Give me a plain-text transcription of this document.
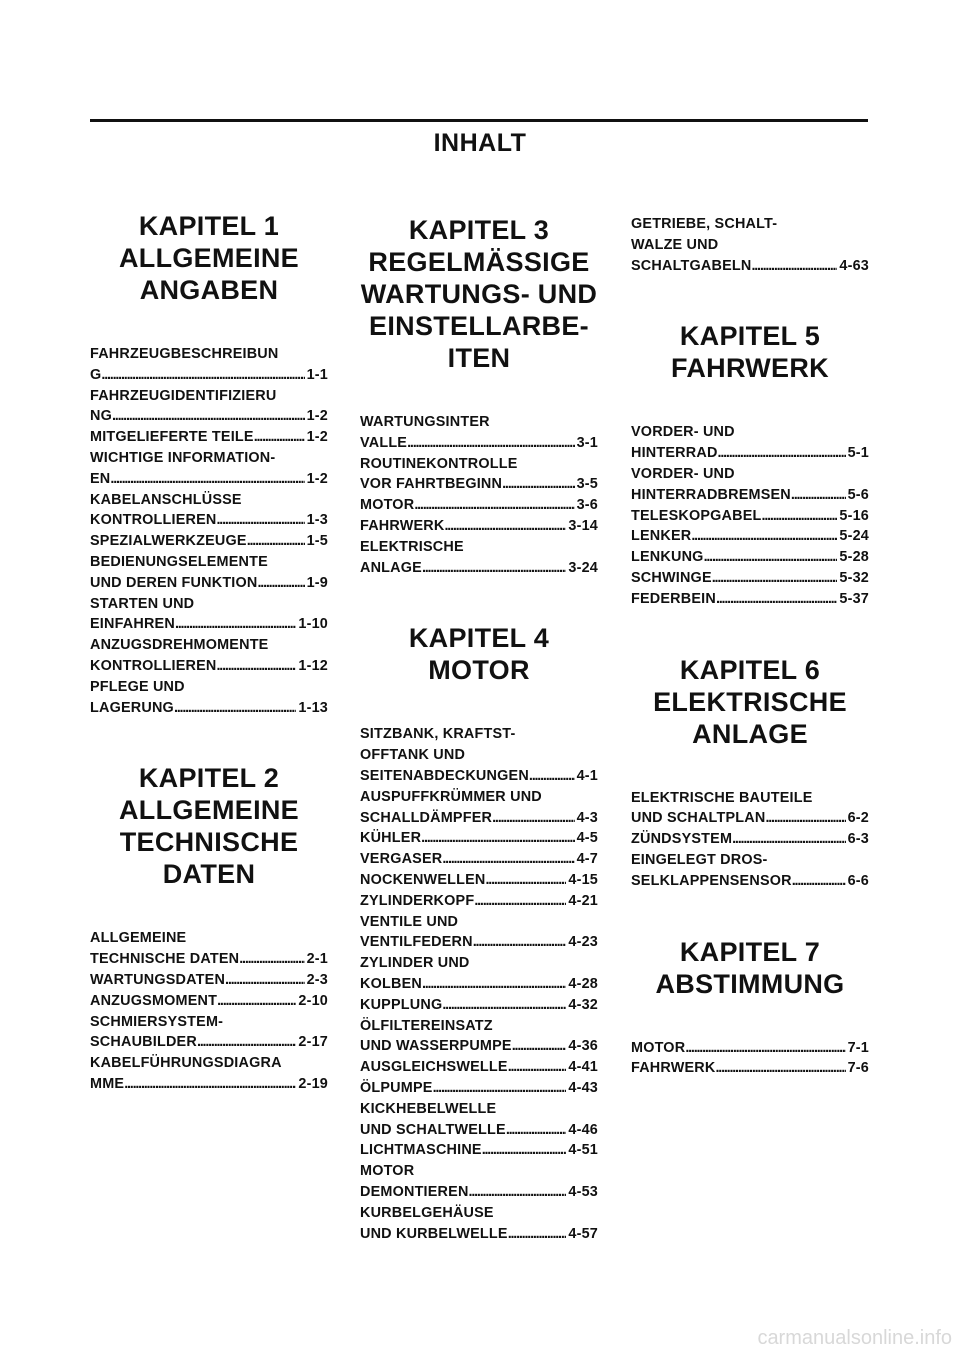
INHALT
KAPITEL 1
ALLGEMEINE
ANGABEN
FAHRZEUGBESCHREIBUN
G . . .	1-1
FAHRZEUGIDENTIFIZIERU
NG . . .	1-2
MITGELIEFERTE TEILE . . .	1-2
WICHTIGE INFORMATION-
EN . . .	1-2
KABELANSCHLÜSSE
KONTROLLIEREN . . .	1-3
SPEZIALWERKZEUGE . . .	1-5
BEDIENUNGSELEMENTE
UND DEREN FUNKTION . . .	1-9
STARTEN UND
EINFAHREN . . .	1-10
ANZUGSDREHMOMENTE
KONTROLLIEREN . . .	1-12
PFLEGE UND
LAGERUNG . . .	1-13
KAPITEL 2
ALLGEMEINE
TECHNISCHE
DATEN
ALLGEMEINE
TECHNISCHE DATEN . . .	2-1
WARTUNGSDATEN . . .	2-3
ANZUGSMOMENT . . .	2-10
SCHMIERSYSTEM-
SCHAUBILDER . . .	2-17
KABELFÜHRUNGSDIAGRA
MME . . .	2-19
KAPITEL 3
REGELMÄSSIGE
WARTUNGS- UND
EINSTELLARBE-
ITEN
WARTUNGSINTER
VALLE . . .	3-1
ROUTINEKONTROLLE
VOR FAHRTBEGINN . . .	3-5
MOTOR . . .	3-6
FAHRWERK . . .	3-14
ELEKTRISCHE
ANLAGE . . .	3-24
KAPITEL 4
MOTOR
SITZBANK, KRAFTST-
OFFTANK UND
SEITENABDECKUNGEN . . .	4-1
AUSPUFFKRÜMMER UND
SCHALLDÄMPFER . . .	4-3
KÜHLER . . .	4-5
VERGASER . . .	4-7
NOCKENWELLEN . . .	4-15
ZYLINDERKOPF . . .	4-21
VENTILE UND
VENTILFEDERN . . .	4-23
ZYLINDER UND
KOLBEN . . .	4-28
KUPPLUNG . . .	4-32
ÖLFILTEREINSATZ
UND WASSERPUMPE . . .	4-36
AUSGLEICHSWELLE . . .	4-41
ÖLPUMPE . . .	4-43
KICKHEBELWELLE
UND SCHALTWELLE . . .	4-46
LICHTMASCHINE . . .	4-51
MOTOR
DEMONTIEREN . . .	4-53
KURBELGEHÄUSE
UND KURBELWELLE . . .	4-57
GETRIEBE, SCHALT-
WALZE UND
SCHALTGABELN . . .	4-63
KAPITEL 5
FAHRWERK
VORDER- UND
HINTERRAD . . .	5-1
VORDER- UND
HINTERRADBREMSEN . . .	5-6
TELESKOPGABEL . . .	5-16
LENKER . . .	5-24
LENKUNG . . .	5-28
SCHWINGE . . .	5-32
FEDERBEIN . . .	5-37
KAPITEL 6
ELEKTRISCHE
ANLAGE
ELEKTRISCHE BAUTEILE
UND SCHALTPLAN . . .	6-2
ZÜNDSYSTEM . . .	6-3
EINGELEGT DROS-
SELKLAPPENSENSOR . . .	6-6
KAPITEL 7
ABSTIMMUNG
MOTOR . . .	7-1
FAHRWERK . . .	7-6
carmanualsonline.info
